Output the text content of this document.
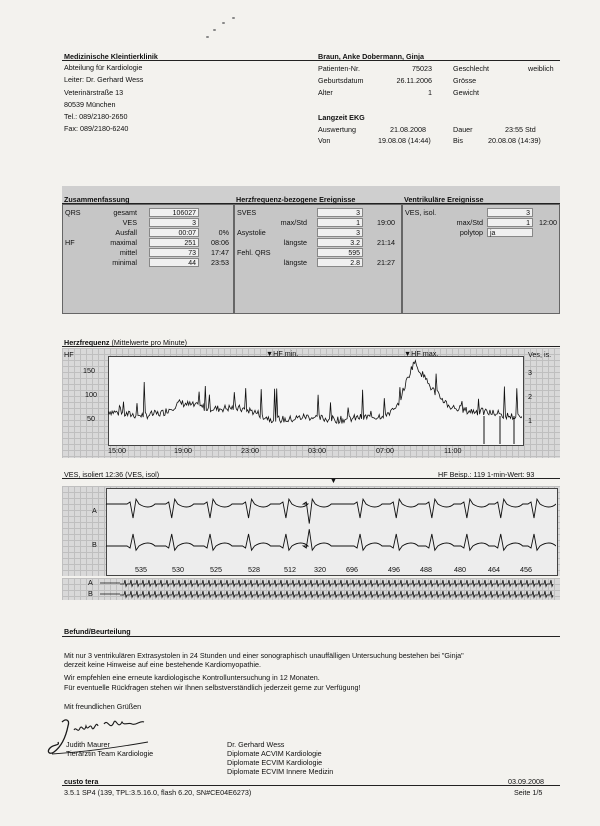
Medizinische Kleintierklinik
Abteilung für Kardiologie
Leiter: Dr. Gerhard Wess
Veterinärstraße 13
80539 München
Tel.: 089/2180-2650
Fax: 089/2180-6240
Braun, Anke Dobermann, Ginja
Patienten-Nr.	75023	Geschlecht	weiblich
Geburtsdatum	26.11.2006	Grösse
Alter	1	Gewicht
Langzeit EKG
Auswertung	21.08.2008	Dauer	23:55 Std
Von	19.08.08 (14:44)	Bis	20.08.08 (14:39)
Zusammenfassung	Herzfrequenz-bezogene Ereignisse	Ventrikuläre Ereignisse
QRS	gesamt	106027
VES	3
Ausfall	00:07	0%
HF	maximal	251	08:06
mittel	73	17:47
minimal	44	23:53
SVES	3
max/Std	1	19:00
Asystolie	3
längste	3.2	21:14
Fehl. QRS	595
längste	2.8	21:27
VES, isol.	3
max/Std	1	12:00
polytop	ja
Herzfrequenz (Mittelwerte pro Minute)
HF
150
100
50
Ves, is.
3
2
1
▼HF min.	▼HF max.
15:00	19:00	23:00	03:00	07:00	11:00
VES, isoliert 12:36 (VES, isol)	HF Beisp.: 119 1-min-Wert: 93
▼
A
B
535	530	525	528	512	320	696	496	488	480	464	456
A
B
Befund/Beurteilung
Mit nur 3 ventrikulären Extrasystolen in 24 Stunden und einer sonographisch unauffälligen Untersuchung bestehen bei "Ginja"
derzeit keine Hinweise auf eine bestehende Kardiomyopathie.
Wir empfehlen eine erneute kardiologische Kontrolluntersuchung in 12 Monaten.
Für eventuelle Rückfragen stehen wir Ihnen selbstverständlich jederzeit gerne zur Verfügung!
Mit freundlichen Grüßen
Judith Maurer
Tierärztin Team Kardiologie
Dr. Gerhard Wess
Diplomate ACVIM Kardiologie
Diplomate ECVIM Kardiologie
Diplomate ECVIM Innere Medizin
custo tera
3.5.1 SP4 (139, TPL:3.5.16.0, flash 6.20, SN#CE04E6273)
03.09.2008
Seite 1/5
